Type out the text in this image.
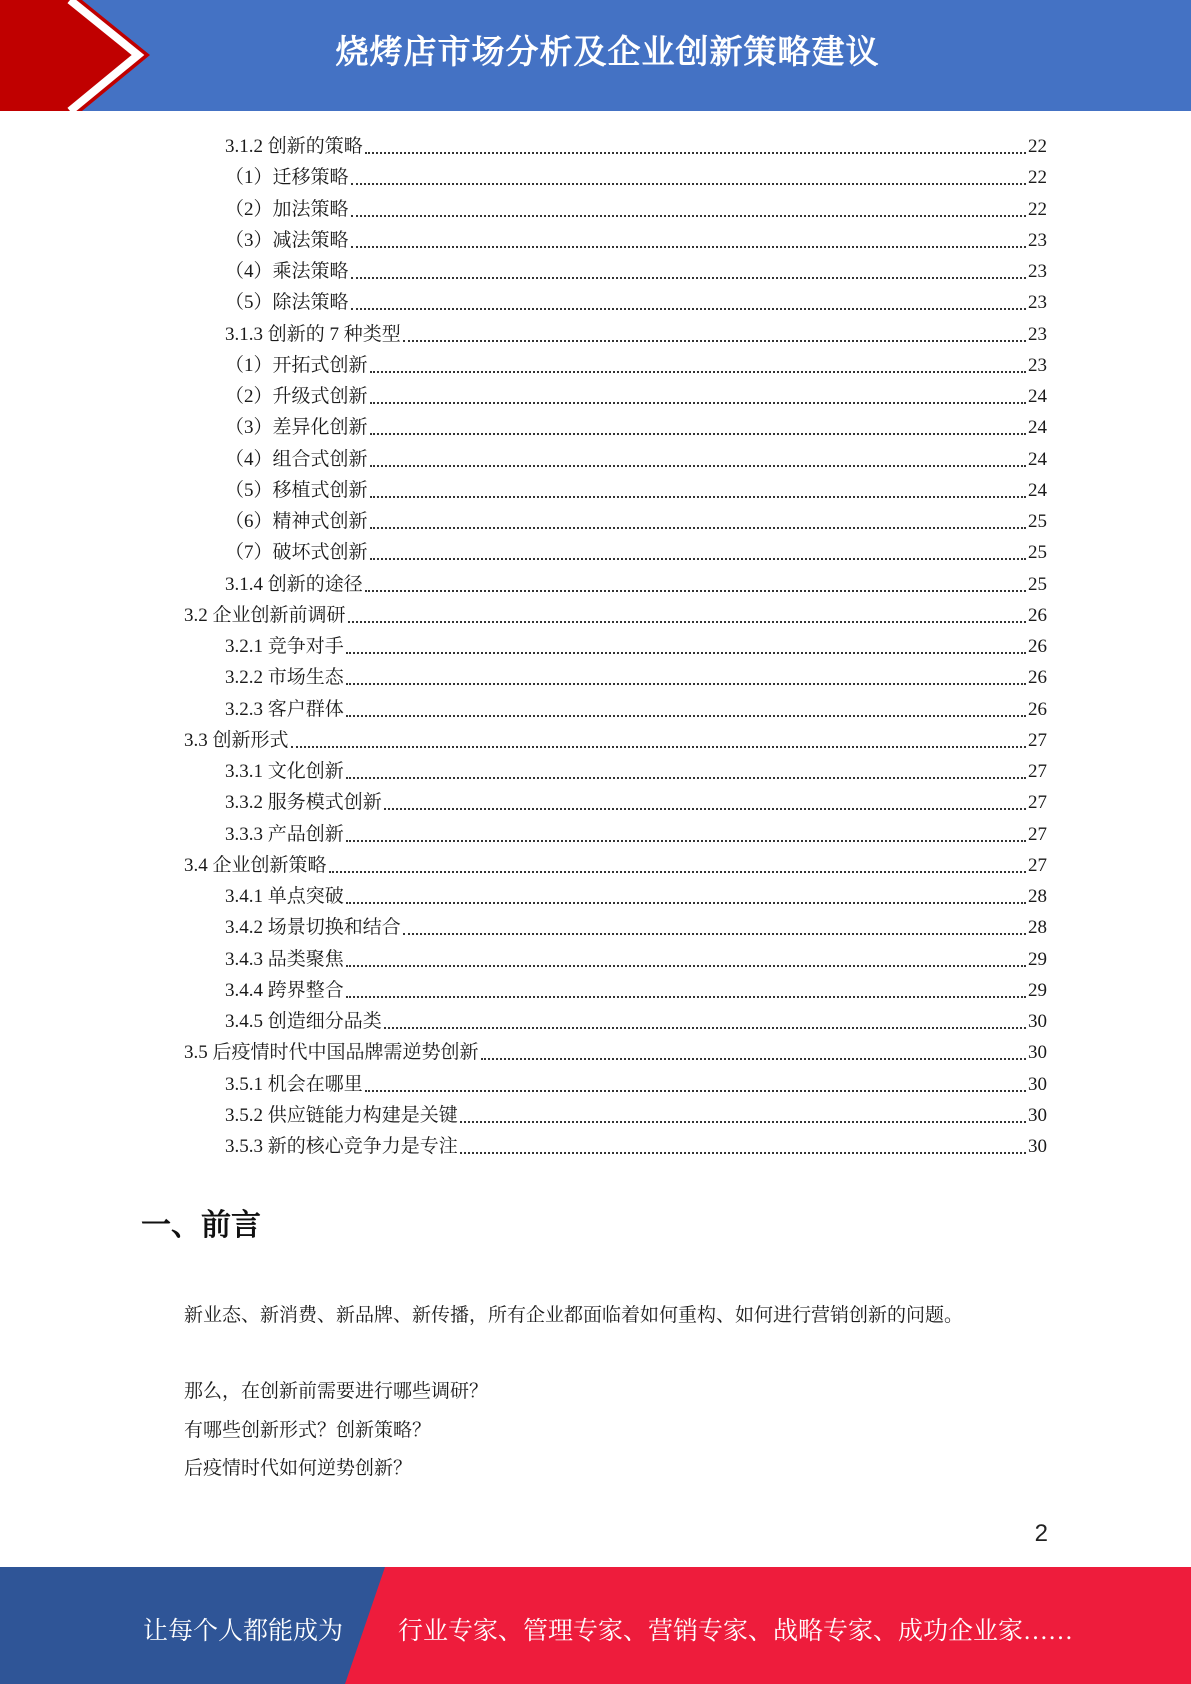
烧烤店市场分析及企业创新策略建议
3.1.2 创新的策略	22
（1）迁移策略	22
（2）加法策略	22
（3）减法策略	23
（4）乘法策略	23
（5）除法策略	23
3.1.3 创新的 7 种类型	23
（1）开拓式创新	23
（2）升级式创新	24
（3）差异化创新	24
（4）组合式创新	24
（5）移植式创新	24
（6）精神式创新	25
（7）破坏式创新	25
3.1.4 创新的途径	25
3.2 企业创新前调研	26
3.2.1 竞争对手	26
3.2.2 市场生态	26
3.2.3 客户群体	26
3.3 创新形式	27
3.3.1 文化创新	27
3.3.2 服务模式创新	27
3.3.3 产品创新	27
3.4 企业创新策略	27
3.4.1 单点突破	28
3.4.2 场景切换和结合	28
3.4.3 品类聚焦	29
3.4.4 跨界整合	29
3.4.5 创造细分品类	30
3.5 后疫情时代中国品牌需逆势创新	30
3.5.1 机会在哪里	30
3.5.2 供应链能力构建是关键	30
3.5.3 新的核心竞争力是专注	30
一、前言
新业态、新消费、新品牌、新传播，所有企业都面临着如何重构、如何进行营销创新的问题。
那么，在创新前需要进行哪些调研？
有哪些创新形式？创新策略？
后疫情时代如何逆势创新？
2
让每个人都能成为 行业专家、管理专家、营销专家、战略专家、成功企业家……
